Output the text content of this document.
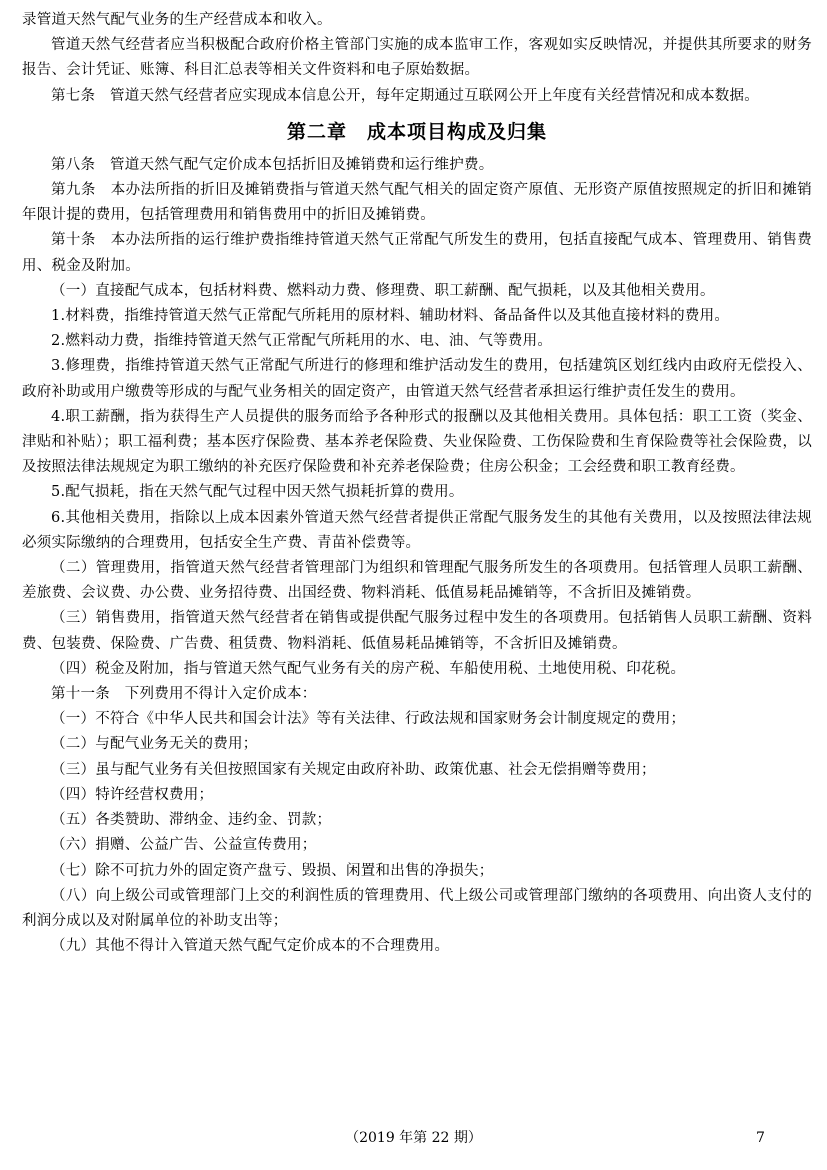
录管道天然气配气业务的生产经营成本和收入。

管道天然气经营者应当积极配合政府价格主管部门实施的成本监审工作，客观如实反映情况，并提供其所要求的财务报告、会计凭证、账簿、科目汇总表等相关文件资料和电子原始数据。

第七条　管道天然气经营者应实现成本信息公开，每年定期通过互联网公开上年度有关经营情况和成本数据。

第二章　成本项目构成及归集

第八条　管道天然气配气定价成本包括折旧及摊销费和运行维护费。

第九条　本办法所指的折旧及摊销费指与管道天然气配气相关的固定资产原值、无形资产原值按照规定的折旧和摊销年限计提的费用，包括管理费用和销售费用中的折旧及摊销费。

第十条　本办法所指的运行维护费指维持管道天然气正常配气所发生的费用，包括直接配气成本、管理费用、销售费用、税金及附加。

（一）直接配气成本，包括材料费、燃料动力费、修理费、职工薪酬、配气损耗，以及其他相关费用。

1.材料费，指维持管道天然气正常配气所耗用的原材料、辅助材料、备品备件以及其他直接材料的费用。

2.燃料动力费，指维持管道天然气正常配气所耗用的水、电、油、气等费用。

3.修理费，指维持管道天然气正常配气所进行的修理和维护活动发生的费用，包括建筑区划红线内由政府无偿投入、政府补助或用户缴费等形成的与配气业务相关的固定资产，由管道天然气经营者承担运行维护责任发生的费用。

4.职工薪酬，指为获得生产人员提供的服务而给予各种形式的报酬以及其他相关费用。具体包括：职工工资（奖金、津贴和补贴）；职工福利费；基本医疗保险费、基本养老保险费、失业保险费、工伤保险费和生育保险费等社会保险费，以及按照法律法规规定为职工缴纳的补充医疗保险费和补充养老保险费；住房公积金；工会经费和职工教育经费。

5.配气损耗，指在天然气配气过程中因天然气损耗折算的费用。

6.其他相关费用，指除以上成本因素外管道天然气经营者提供正常配气服务发生的其他有关费用，以及按照法律法规必须实际缴纳的合理费用，包括安全生产费、青苗补偿费等。

（二）管理费用，指管道天然气经营者管理部门为组织和管理配气服务所发生的各项费用。包括管理人员职工薪酬、差旅费、会议费、办公费、业务招待费、出国经费、物料消耗、低值易耗品摊销等，不含折旧及摊销费。

（三）销售费用，指管道天然气经营者在销售或提供配气服务过程中发生的各项费用。包括销售人员职工薪酬、资料费、包装费、保险费、广告费、租赁费、物料消耗、低值易耗品摊销等，不含折旧及摊销费。

（四）税金及附加，指与管道天然气配气业务有关的房产税、车船使用税、土地使用税、印花税。

第十一条　下列费用不得计入定价成本：

（一）不符合《中华人民共和国会计法》等有关法律、行政法规和国家财务会计制度规定的费用；

（二）与配气业务无关的费用；

（三）虽与配气业务有关但按照国家有关规定由政府补助、政策优惠、社会无偿捐赠等费用；

（四）特许经营权费用；

（五）各类赞助、滞纳金、违约金、罚款；

（六）捐赠、公益广告、公益宣传费用；

（七）除不可抗力外的固定资产盘亏、毁损、闲置和出售的净损失；

（八）向上级公司或管理部门上交的利润性质的管理费用、代上级公司或管理部门缴纳的各项费用、向出资人支付的利润分成以及对附属单位的补助支出等；

（九）其他不得计入管道天然气配气定价成本的不合理费用。

（2019 年第 22 期）	7
